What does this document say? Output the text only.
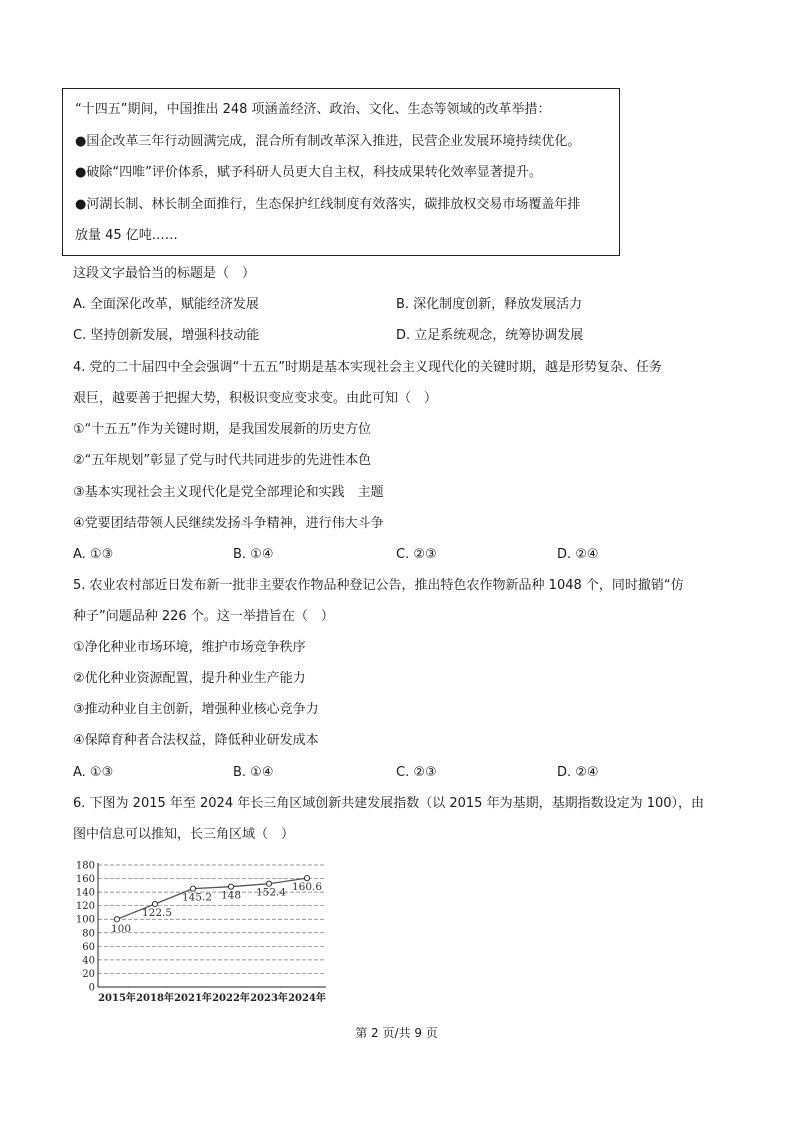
“十四五”期间，中国推出 248 项涵盖经济、政治、文化、生态等领域的改革举措：
●国企改革三年行动圆满完成，混合所有制改革深入推进，民营企业发展环境持续优化。
●破除“四唯”评价体系，赋予科研人员更大自主权，科技成果转化效率显著提升。
●河湖长制、林长制全面推行，生态保护红线制度有效落实，碳排放权交易市场覆盖年排
放量 45 亿吨……
这段文字最恰当的标题是（　）
A. 全面深化改革，赋能经济发展	B. 深化制度创新，释放发展活力
C. 坚持创新发展，增强科技动能	D. 立足系统观念，统筹协调发展
4. 党的二十届四中全会强调“十五五”时期是基本实现社会主义现代化的关键时期，越是形势复杂、任务
艰巨，越要善于把握大势，积极识变应变求变。由此可知（　）
①“十五五”作为关键时期，是我国发展新的历史方位
②“五年规划”彰显了党与时代共同进步的先进性本色
③基本实现社会主义现代化是党全部理论和实践　主题
④党要团结带领人民继续发扬斗争精神，进行伟大斗争
A. ①③	B. ①④	C. ②③	D. ②④
5. 农业农村部近日发布新一批非主要农作物品种登记公告，推出特色农作物新品种 1048 个，同时撤销“仿
种子”问题品种 226 个。这一举措旨在（　）
①净化种业市场环境，维护市场竞争秩序
②优化种业资源配置，提升种业生产能力
③推动种业自主创新，增强种业核心竞争力
④保障育种者合法权益，降低种业研发成本
A. ①③	B. ①④	C. ②③	D. ②④
6. 下图为 2015 年至 2024 年长三角区域创新共建发展指数（以 2015 年为基期，基期指数设定为 100），由
图中信息可以推知，长三角区域（　）
0
20
40
60
80
100
120
140
160
180
2015年 2018年 2021年 2022年 2023年 2024年
100
122.5
145.2 148 152.4 160.6
第 2 页/共 9 页
